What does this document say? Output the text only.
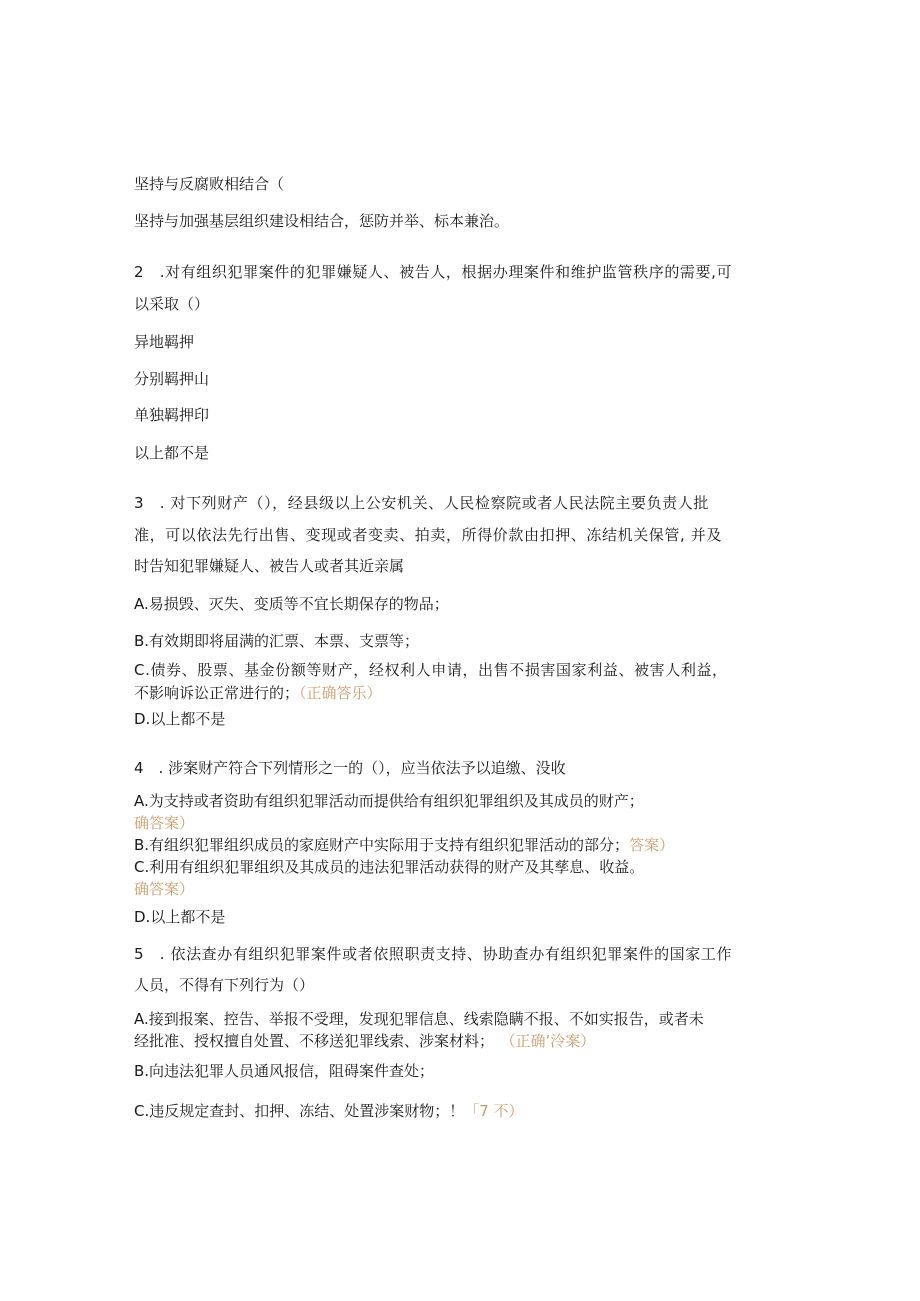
坚持与反腐败相结合（
坚持与加强基层组织建设相结合，惩防并举、标本兼治。
2　.对有组织犯罪案件的犯罪嫌疑人、被告人，根据办理案件和维护监管秩序的需要,可
以采取（）
异地羁押
分别羁押山
单独羁押印
以上都不是
3　. 对下列财产（），经县级以上公安机关、人民检察院或者人民法院主要负责人批
准，可以依法先行出售、变现或者变卖、拍卖，所得价款由扣押、冻结机关保管, 并及
时告知犯罪嫌疑人、被告人或者其近亲属
A.易损毁、灭失、变质等不宜长期保存的物品；
B.有效期即将届满的汇票、本票、支票等；
C.债券、股票、基金份额等财产，经权利人申请，出售不损害国家利益、被害人利益，
不影响诉讼正常进行的；（正确答乐）
D.以上都不是
4　. 涉案财产符合下列情形之一的（），应当依法予以追缴、没收
A.为支持或者资助有组织犯罪活动而提供给有组织犯罪组织及其成员的财产；
确答案）
B.有组织犯罪组织成员的家庭财产中实际用于支持有组织犯罪活动的部分；答案）
C.利用有组织犯罪组织及其成员的违法犯罪活动获得的财产及其孳息、收益。
确答案）
D.以上都不是
5　. 依法查办有组织犯罪案件或者依照职责支持、协助查办有组织犯罪案件的国家工作
人员，不得有下列行为（）
A.接到报案、控告、举报不受理，发现犯罪信息、线索隐瞒不报、不如实报告，或者未
经批准、授权擅自处置、不移送犯罪线索、涉案材料； （正确’泠案）
B.向违法犯罪人员通风报信，阻碍案件查处；
C.违反规定查封、扣押、冻结、处置涉案财物；！「7 不）
